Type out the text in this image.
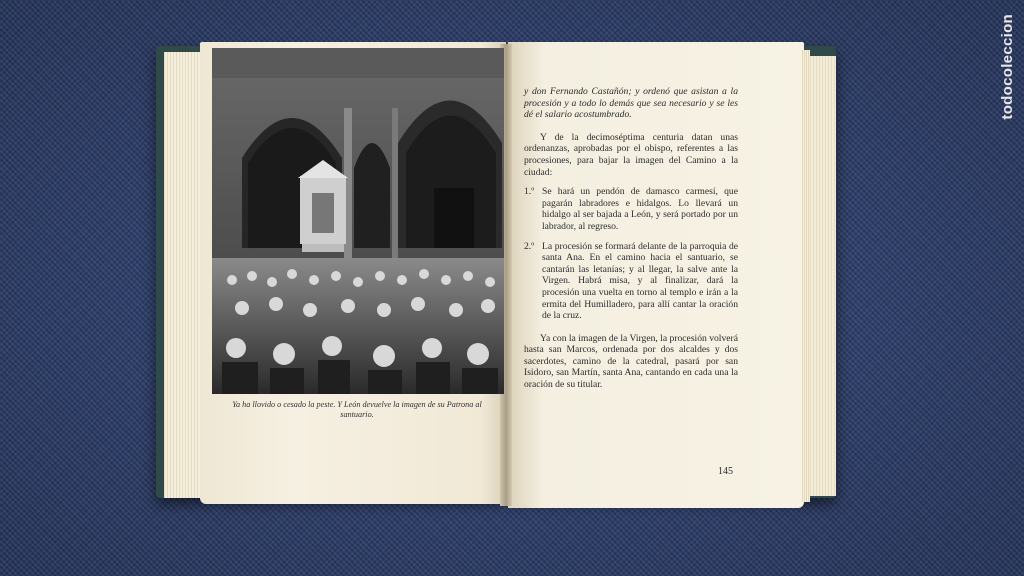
todocoleccion
Ya ha llovido o cesado la peste. Y León devuelve la imagen de su Patrona al santuario.

y don Fernando Castañón; y ordenó que asistan a la procesión y a todo lo demás que sea necesario y se les dé el salario acostumbrado.

Y de la decimoséptima centuria datan unas ordenanzas, aprobadas por el obispo, referentes a las procesiones, para bajar la imagen del Camino a la ciudad:

1.º Se hará un pendón de damasco carmesí, que pagarán labradores e hidalgos. Lo llevará un hidalgo al ser bajada a León, y será portado por un labrador, al regreso.
2.º La procesión se formará delante de la parroquia de santa Ana. En el camino hacia el santuario, se cantarán las letanías; y al llegar, la salve ante la Virgen. Habrá misa, y al finalizar, dará la procesión una vuelta en torno al templo e irán a la ermita del Humilladero, para allí cantar la oración de la cruz.

Ya con la imagen de la Virgen, la procesión volverá hasta san Marcos, ordenada por dos alcaldes y dos sacerdotes, camino de la catedral, pasará por san Isidoro, san Martín, santa Ana, cantando en cada una la oración de su titular.

145
